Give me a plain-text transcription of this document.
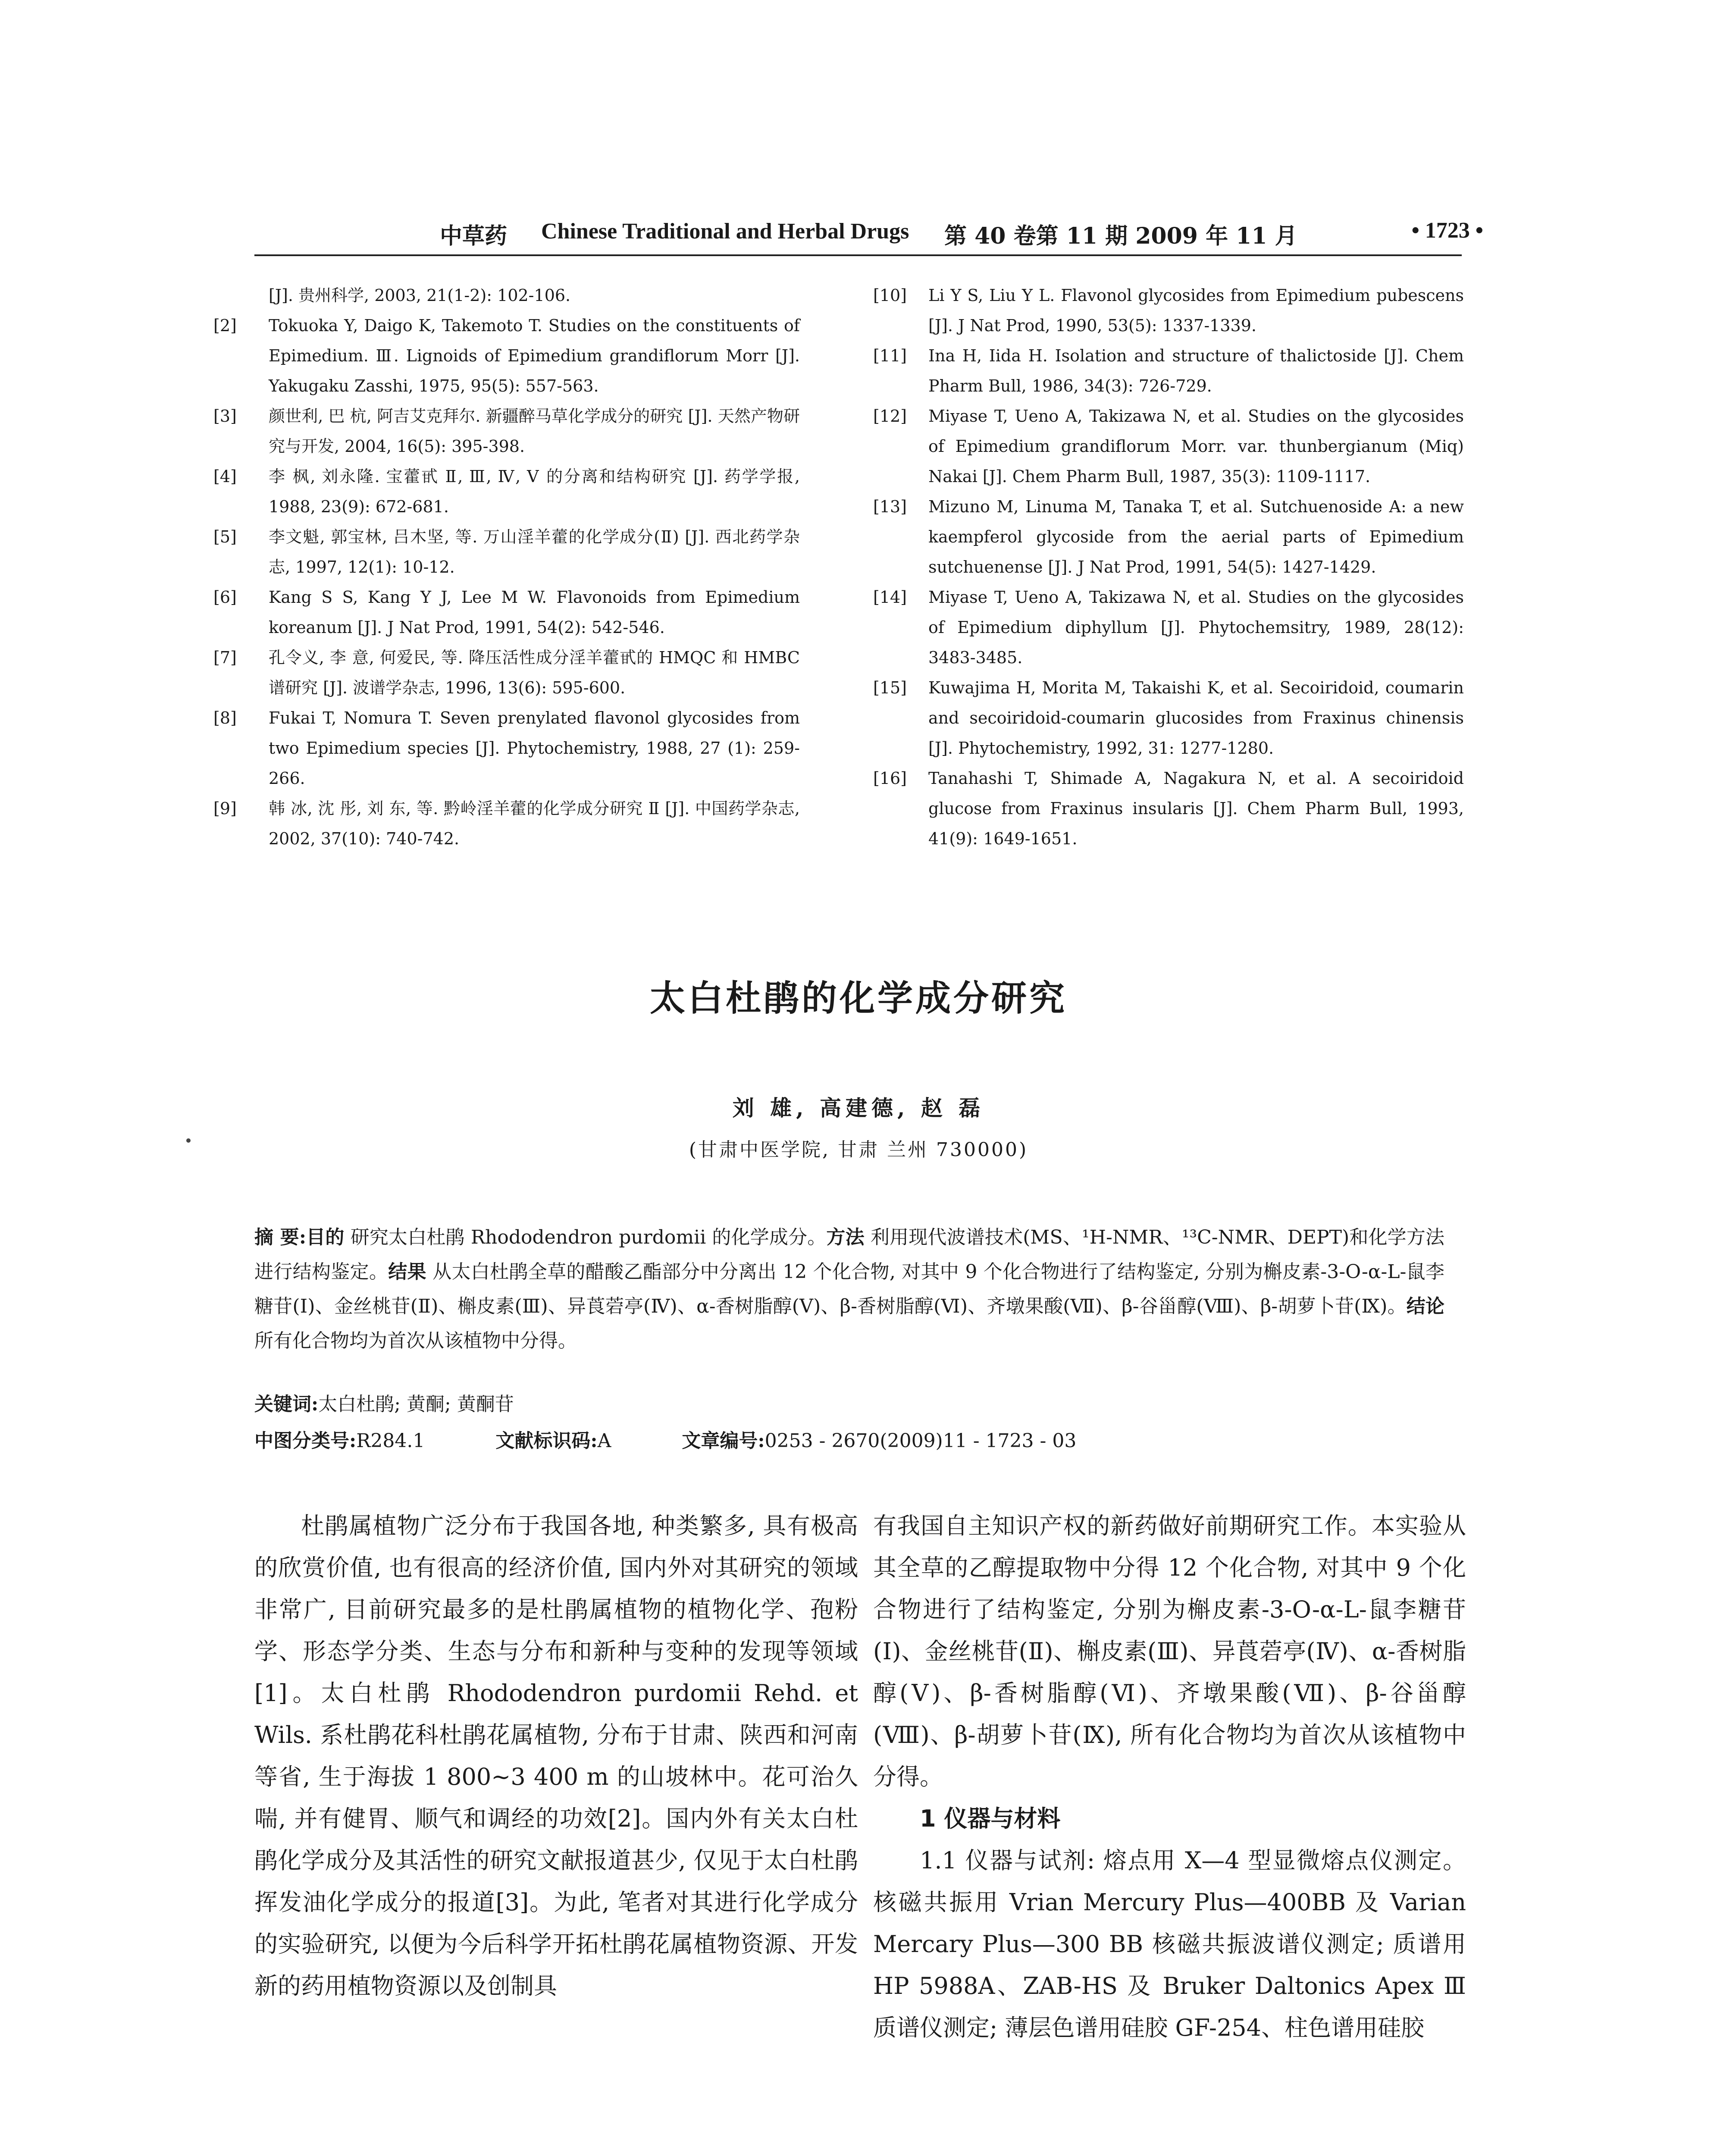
中草药 Chinese Traditional and Herbal Drugs 第 40 卷第 11 期 2009 年 11 月	• 1723 •
[J]. 贵州科学, 2003, 21(1-2): 102-106.
[2] Tokuoka Y, Daigo K, Takemoto T. Studies on the constituents of Epimedium. Ⅲ. Lignoids of Epimedium grandiflorum Morr [J]. Yakugaku Zasshi, 1975, 95(5): 557-563.
[3] 颜世利, 巴 杭, 阿吉艾克拜尔. 新疆醉马草化学成分的研究 [J]. 天然产物研究与开发, 2004, 16(5): 395-398.
[4] 李 枫, 刘永隆. 宝藿甙 Ⅱ, Ⅲ, Ⅳ, Ⅴ 的分离和结构研究 [J]. 药学学报, 1988, 23(9): 672-681.
[5] 李文魁, 郭宝林, 吕木坚, 等. 万山淫羊藿的化学成分(Ⅱ) [J]. 西北药学杂志, 1997, 12(1): 10-12.
[6] Kang S S, Kang Y J, Lee M W. Flavonoids from Epimedium koreanum [J]. J Nat Prod, 1991, 54(2): 542-546.
[7] 孔令义, 李 意, 何爱民, 等. 降压活性成分淫羊藿甙的 HMQC 和 HMBC 谱研究 [J]. 波谱学杂志, 1996, 13(6): 595-600.
[8] Fukai T, Nomura T. Seven prenylated flavonol glycosides from two Epimedium species [J]. Phytochemistry, 1988, 27 (1): 259-266.
[9] 韩 冰, 沈 彤, 刘 东, 等. 黔岭淫羊藿的化学成分研究 Ⅱ [J]. 中国药学杂志, 2002, 37(10): 740-742.
[10] Li Y S, Liu Y L. Flavonol glycosides from Epimedium pubescens [J]. J Nat Prod, 1990, 53(5): 1337-1339.
[11] Ina H, Iida H. Isolation and structure of thalictoside [J]. Chem Pharm Bull, 1986, 34(3): 726-729.
[12] Miyase T, Ueno A, Takizawa N, et al. Studies on the glycosides of Epimedium grandiflorum Morr. var. thunbergianum (Miq) Nakai [J]. Chem Pharm Bull, 1987, 35(3): 1109-1117.
[13] Mizuno M, Linuma M, Tanaka T, et al. Sutchuenoside A: a new kaempferol glycoside from the aerial parts of Epimedium sutchuenense [J]. J Nat Prod, 1991, 54(5): 1427-1429.
[14] Miyase T, Ueno A, Takizawa N, et al. Studies on the glycosides of Epimedium diphyllum [J]. Phytochemsitry, 1989, 28(12): 3483-3485.
[15] Kuwajima H, Morita M, Takaishi K, et al. Secoiridoid, coumarin and secoiridoid-coumarin glucosides from Fraxinus chinensis [J]. Phytochemistry, 1992, 31: 1277-1280.
[16] Tanahashi T, Shimade A, Nagakura N, et al. A secoiridoid glucose from Fraxinus insularis [J]. Chem Pharm Bull, 1993, 41(9): 1649-1651.
太白杜鹃的化学成分研究
刘 雄, 高建德, 赵 磊
(甘肃中医学院, 甘肃 兰州 730000)
摘 要:目的 研究太白杜鹃 Rhododendron purdomii 的化学成分。方法 利用现代波谱技术(MS、¹H-NMR、¹³C-NMR、DEPT)和化学方法进行结构鉴定。结果 从太白杜鹃全草的醋酸乙酯部分中分离出 12 个化合物, 对其中 9 个化合物进行了结构鉴定, 分别为槲皮素-3-O-α-L-鼠李糖苷(Ⅰ)、金丝桃苷(Ⅱ)、槲皮素(Ⅲ)、异莨菪亭(Ⅳ)、α-香树脂醇(Ⅴ)、β-香树脂醇(Ⅵ)、齐墩果酸(Ⅶ)、β-谷甾醇(Ⅷ)、β-胡萝卜苷(Ⅸ)。结论 所有化合物均为首次从该植物中分得。
关键词:太白杜鹃; 黄酮; 黄酮苷
中图分类号:R284.1	文献标识码:A	文章编号:0253 - 2670(2009)11 - 1723 - 03

杜鹃属植物广泛分布于我国各地, 种类繁多, 具有极高的欣赏价值, 也有很高的经济价值, 国内外对其研究的领域非常广, 目前研究最多的是杜鹃属植物的植物化学、孢粉学、形态学分类、生态与分布和新种与变种的发现等领域[1]。太白杜鹃 Rhododendron purdomii Rehd. et Wils. 系杜鹃花科杜鹃花属植物, 分布于甘肃、陕西和河南等省, 生于海拔 1 800~3 400 m 的山坡林中。花可治久喘, 并有健胃、顺气和调经的功效[2]。国内外有关太白杜鹃化学成分及其活性的研究文献报道甚少, 仅见于太白杜鹃挥发油化学成分的报道[3]。为此, 笔者对其进行化学成分的实验研究, 以便为今后科学开拓杜鹃花属植物资源、开发新的药用植物资源以及创制具

有我国自主知识产权的新药做好前期研究工作。本实验从其全草的乙醇提取物中分得 12 个化合物, 对其中 9 个化合物进行了结构鉴定, 分别为槲皮素-3-O-α-L-鼠李糖苷(Ⅰ)、金丝桃苷(Ⅱ)、槲皮素(Ⅲ)、异莨菪亭(Ⅳ)、α-香树脂醇(Ⅴ)、β-香树脂醇(Ⅵ)、齐墩果酸(Ⅶ)、β-谷甾醇(Ⅷ)、β-胡萝卜苷(Ⅸ), 所有化合物均为首次从该植物中分得。

1 仪器与材料

1.1 仪器与试剂: 熔点用 X—4 型显微熔点仪测定。核磁共振用 Vrian Mercury Plus—400BB 及 Varian Mercary Plus—300 BB 核磁共振波谱仪测定; 质谱用 HP 5988A、ZAB-HS 及 Bruker Daltonics Apex Ⅲ质谱仪测定; 薄层色谱用硅胶 GF-254、柱色谱用硅胶
